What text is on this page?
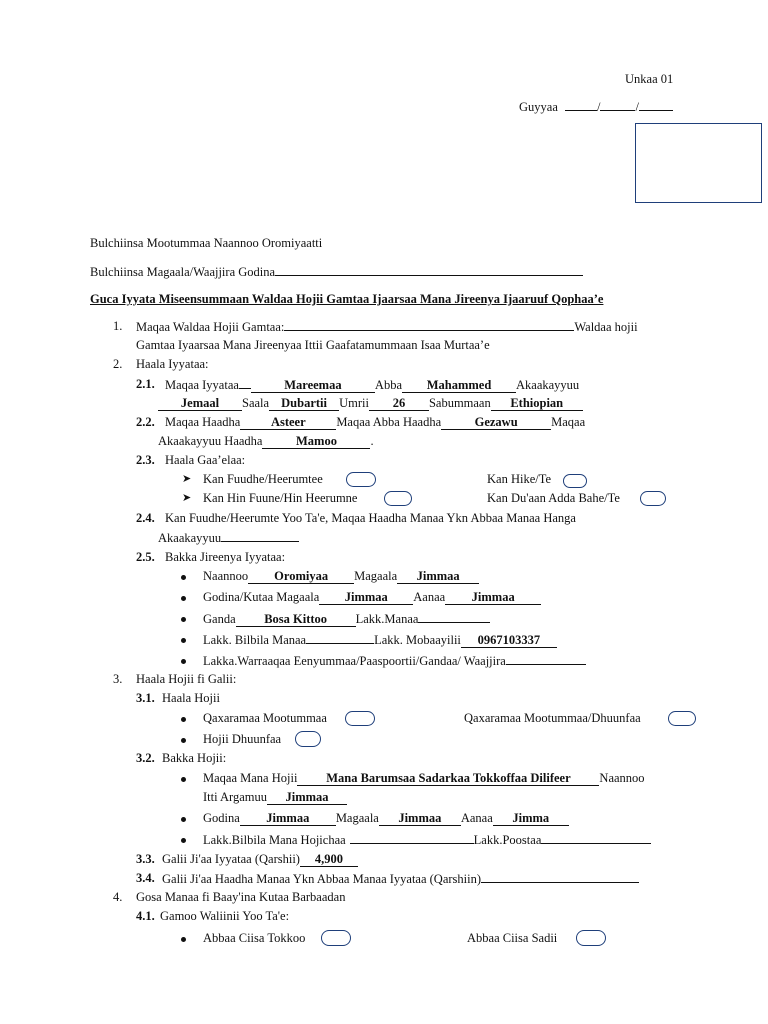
Unkaa 01
Guyyaa	/	/
Bulchiinsa Mootummaa Naannoo Oromiyaatti
Bulchiinsa Magaala/Waajjira Godina
Guca Iyyata Miseensummaan Waldaa Hojii Gamtaa Ijaarsaa Mana Jireenya Ijaaruuf Qophaa’e
1. Maqaa Waldaa Hojii Gamtaa:	Waldaa hojii
Gamtaa Iyaarsaa Mana Jireenyaa Ittii Gaafatamummaan Isaa Murtaa’e
2. Haala Iyyataa:
2.1. Maqaa Iyyataa	Mareemaa	Abba Mahammed Akaakayyuu
Jemaal Saala Dubartii Umrii 26 Sabummaan Ethiopian
2.2. Maqaa Haadha Asteer Maqaa Abba Haadha	Gezawu	Maqaa
Akaakayyuu Haadha	Mamoo	.
2.3. Haala Gaa’elaa:
➤ Kan Fuudhe/Heerumtee	Kan Hike/Te
➤ Kan Hin Fuune/Hin Heerumne	Kan Du'aan Adda Bahe/Te
2.4. Kan Fuudhe/Heerumte Yoo Ta'e, Maqaa Haadha Manaa Ykn Abbaa Manaa Hanga
Akaakayyuu
2.5. Bakka Jireenya Iyyataa:
Naannoo Oromiyaa Magaala Jimmaa
Godina/Kutaa Magaala Jimmaa Aanaa Jimmaa
Ganda Bosa Kittoo Lakk.Manaa
Lakk. Bilbila Manaa	Lakk. Mobaayilii 0967103337
Lakka.Warraaqaa Eenyummaa/Paaspoortii/Gandaa/ Waajjira
3. Haala Hojii fi Galii:
3.1. Haala Hojii
Qaxaramaa Mootummaa	Qaxaramaa Mootummaa/Dhuunfaa
Hojii Dhuunfaa
3.2. Bakka Hojii:
Maqaa Mana Hojii Mana Barumsaa Sadarkaa Tokkoffaa Dilifeer Naannoo
Itti Argamuu Jimmaa
Godina Jimmaa Magaala Jimmaa Aanaa Jimma
Lakk.Bilbila Mana Hojichaa	Lakk.Poostaa
3.3. Galii Ji'aa Iyyataa (Qarshii) 4,900
3.4. Galii Ji'aa Haadha Manaa Ykn Abbaa Manaa Iyyataa (Qarshiin)
4. Gosa Manaa fi Baay'ina Kutaa Barbaadan
4.1. Gamoo Waliinii Yoo Ta'e:
Abbaa Ciisa Tokkoo	Abbaa Ciisa Sadii
